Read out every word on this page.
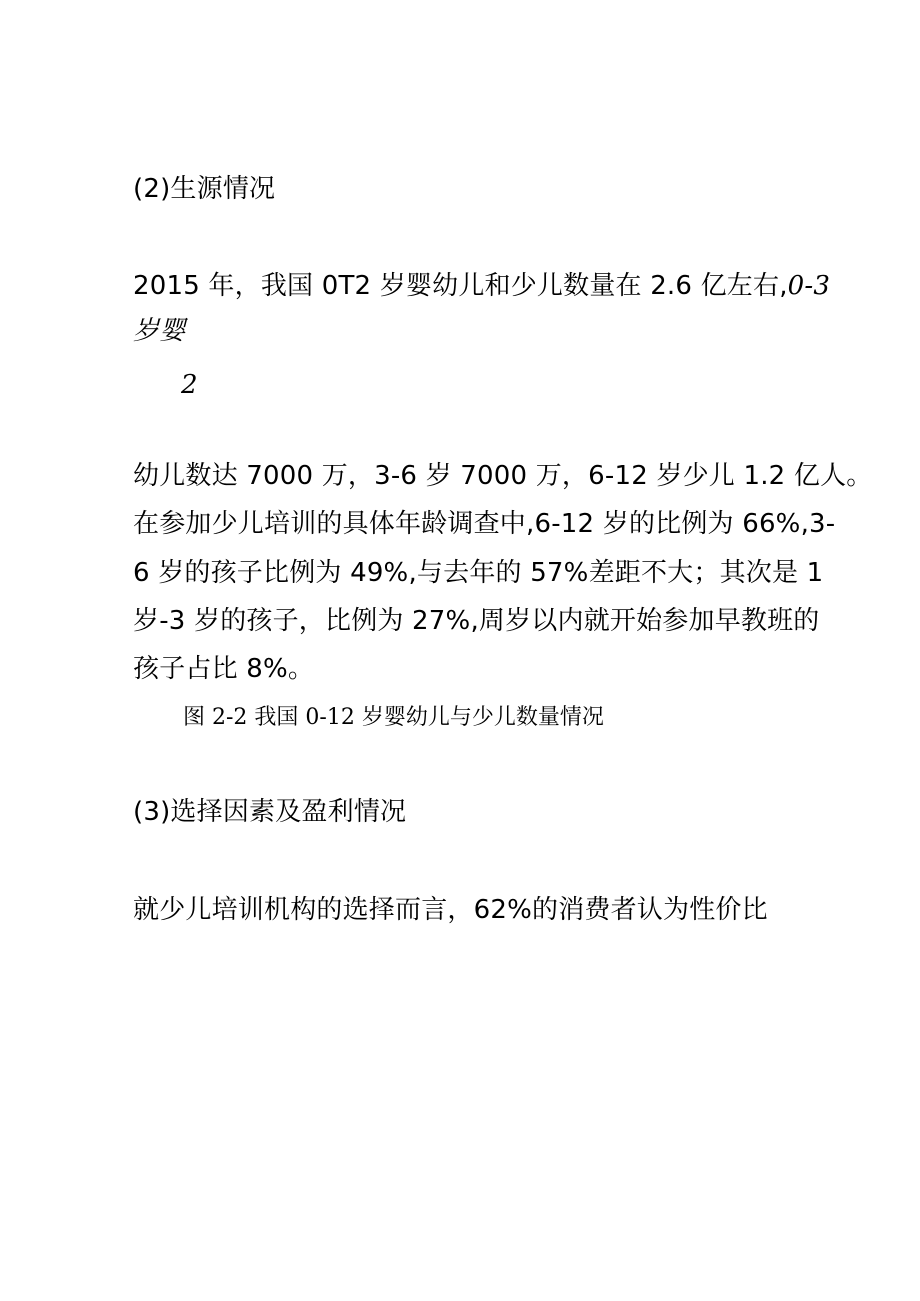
(2)生源情况
2015 年，我国 0T2 岁婴幼儿和少儿数量在 2.6 亿左右,0-3
岁婴
2
幼儿数达 7000 万，3-6 岁 7000 万，6-12 岁少儿 1.2 亿人。
在参加少儿培训的具体年龄调查中,6-12 岁的比例为 66%,3-
6 岁的孩子比例为 49%,与去年的 57%差距不大；其次是 1
岁-3 岁的孩子，比例为 27%,周岁以内就开始参加早教班的
孩子占比 8%。
图 2-2 我国 0-12 岁婴幼儿与少儿数量情况
(3)选择因素及盈利情况
就少儿培训机构的选择而言，62%的消费者认为性价比
